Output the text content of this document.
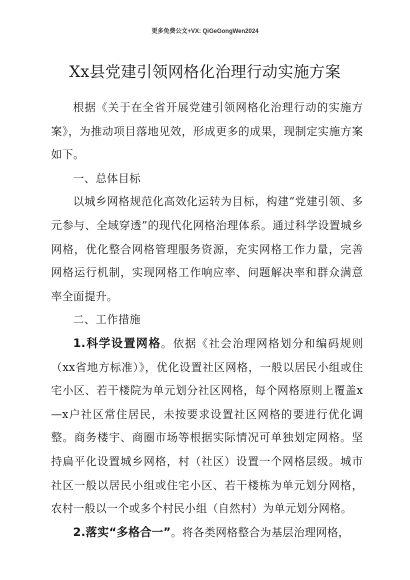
更多免费公文+VX: QiGeGongWen2024
Xx县党建引领网格化治理行动实施方案

根据《关于在全省开展党建引领网格化治理行动的实施方案》，为推动项目落地见效，形成更多的成果，现制定实施方案如下。

一、总体目标

以城乡网格规范化高效化运转为目标，构建“党建引领、多元参与、全域穿透”的现代化网格治理体系。通过科学设置城乡网格，优化整合网格管理服务资源，充实网格工作力量，完善网格运行机制，实现网格工作响应率、问题解决率和群众满意率全面提升。

二、工作措施

1.科学设置网格。依据《社会治理网格划分和编码规则（xx省地方标准）》，优化设置社区网格，一般以居民小组或住宅小区、若干楼院为单元划分社区网格，每个网格原则上覆盖x—x户社区常住居民，未按要求设置社区网格的要进行优化调整。商务楼宇、商圈市场等根据实际情况可单独划定网格。坚持扁平化设置城乡网格，村（社区）设置一个网格层级。城市社区一般以居民小组或住宅小区、若干楼栋为单元划分网格，农村一般以一个或多个村民小组（自然村）为单元划分网格。

2.落实“多格合一”。将各类网格整合为基层治理网格，
